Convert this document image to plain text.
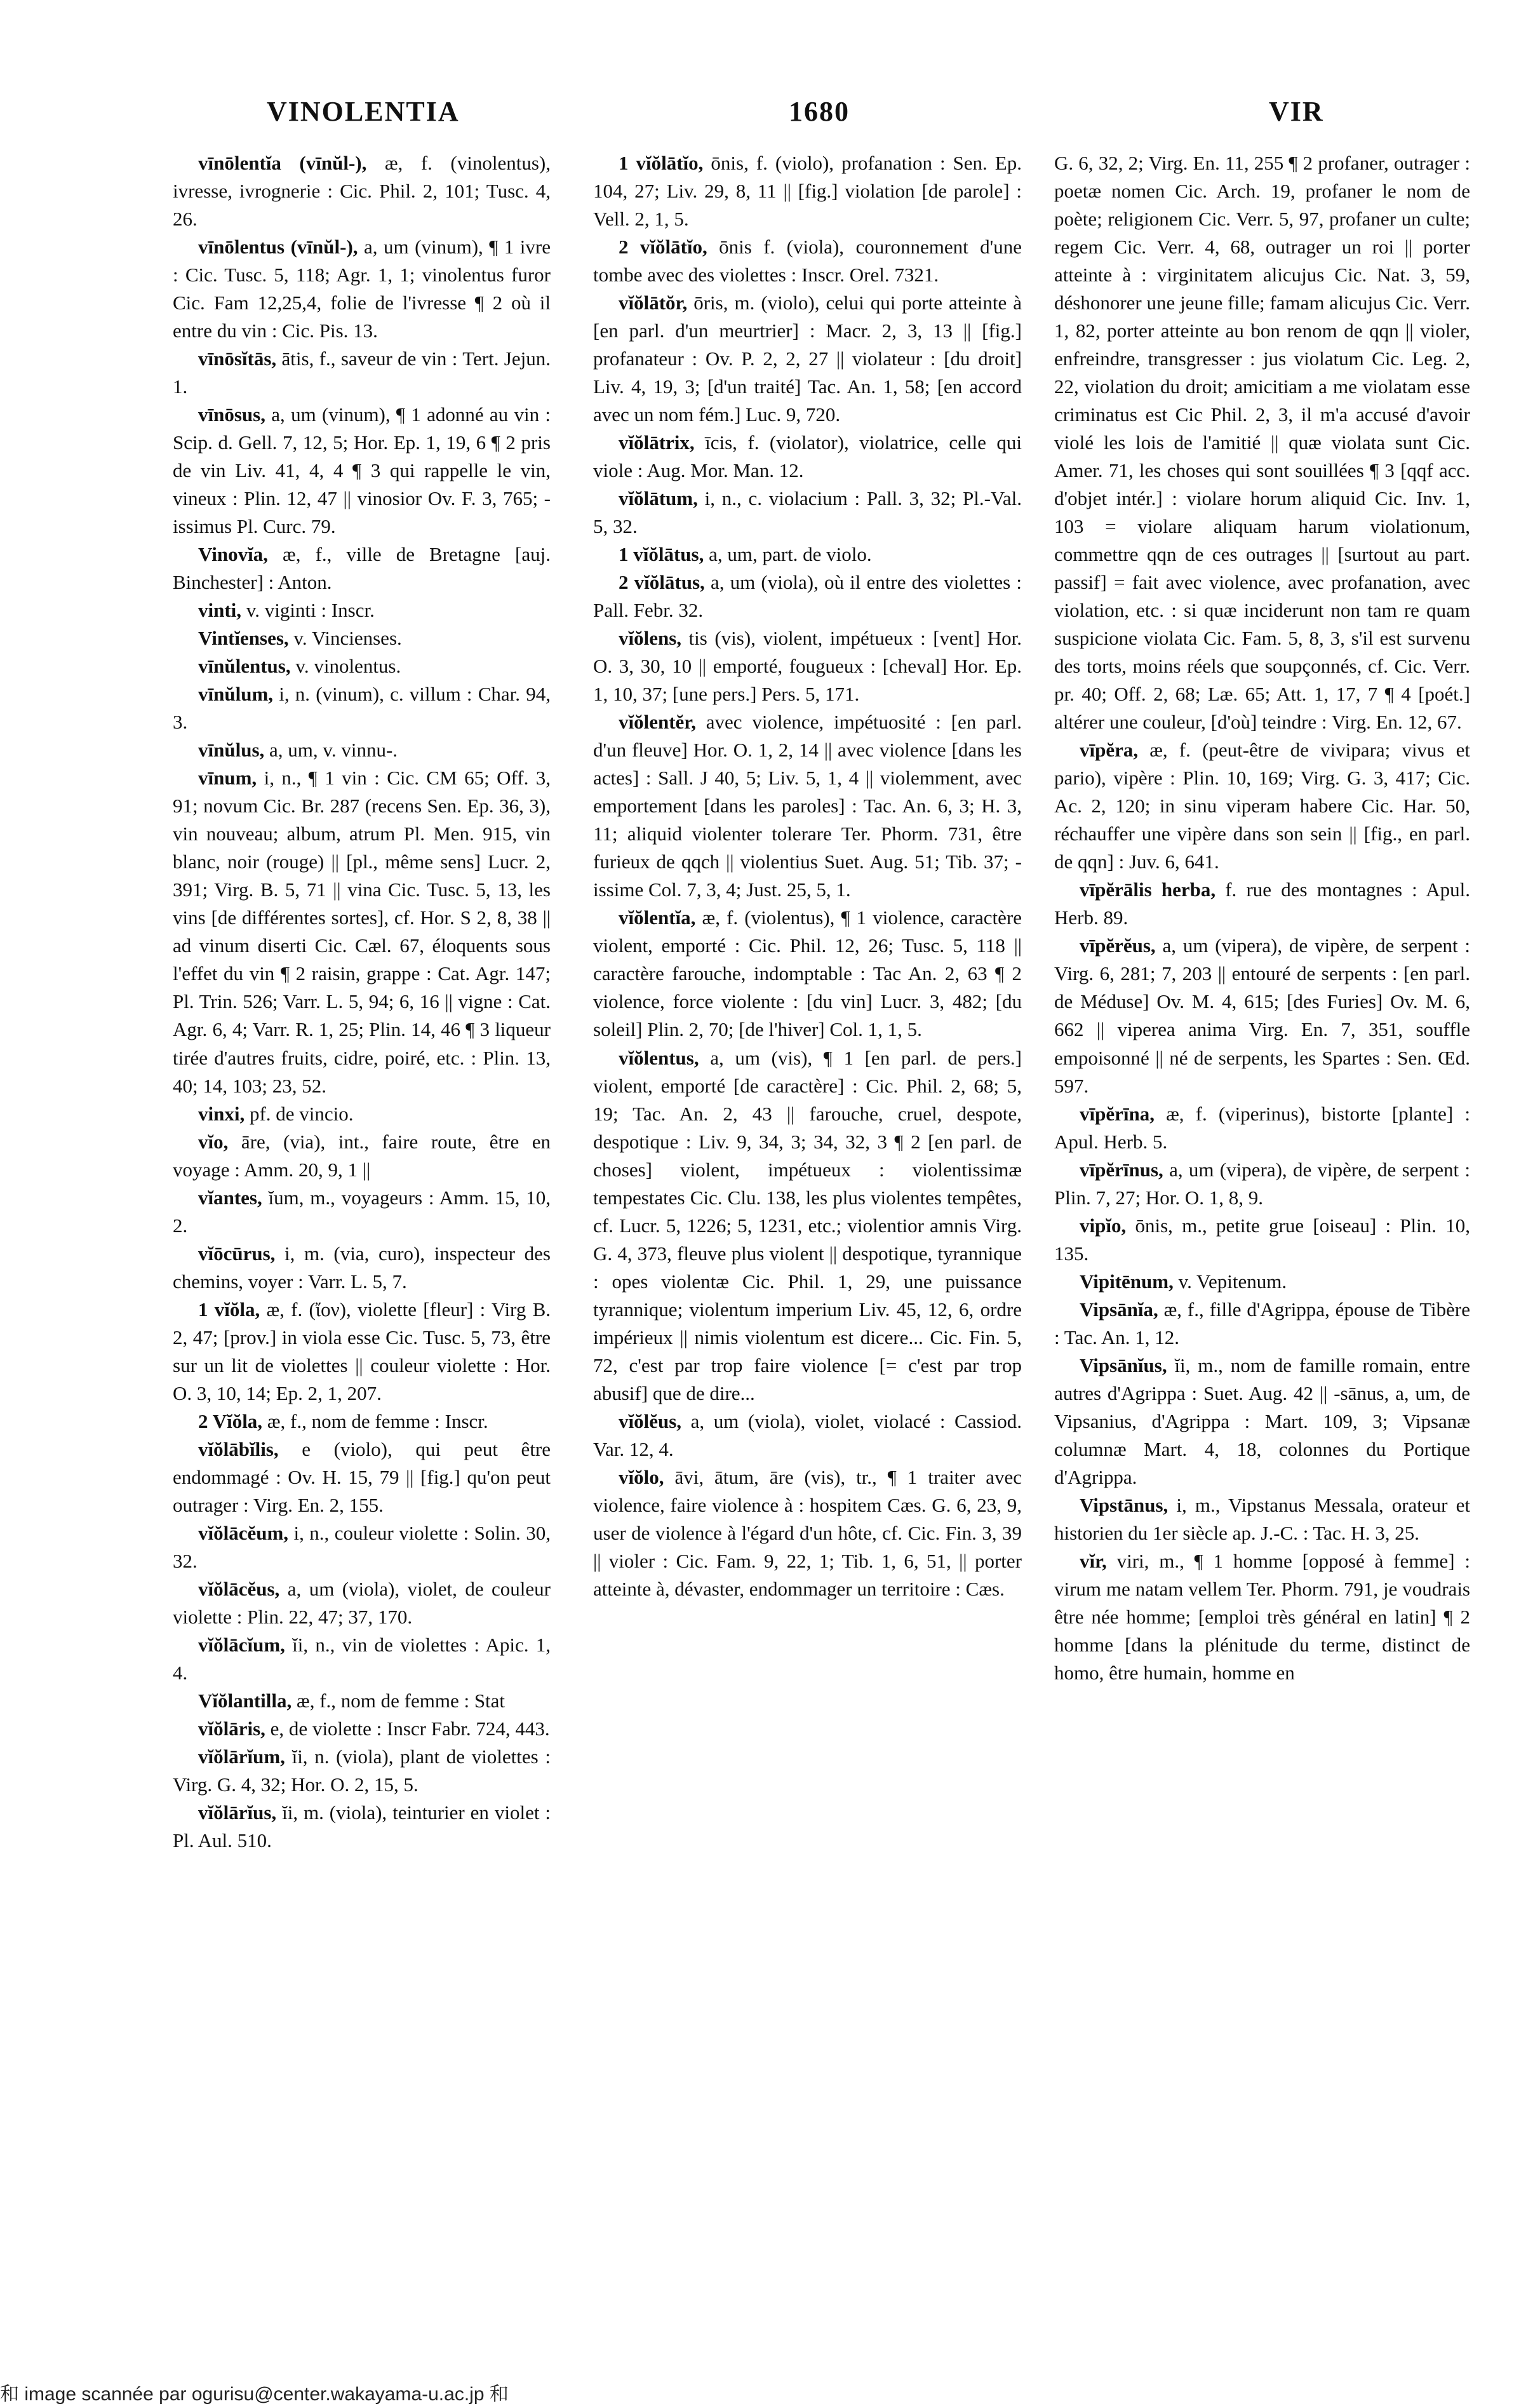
VINOLENTIA	1680	VIR

vīnōlentĭa (vīnŭl-), æ, f. (vinolentus), ivresse, ivrognerie : Cic. Phil. 2, 101; Tusc. 4, 26.

vīnōlentus (vīnŭl-), a, um (vinum), ¶ 1 ivre : Cic. Tusc. 5, 118; Agr. 1, 1; vinolentus furor Cic. Fam 12,25,4, folie de l'ivresse ¶ 2 où il entre du vin : Cic. Pis. 13.

vīnōsĭtās, ātis, f., saveur de vin : Tert. Jejun. 1.

vīnōsus, a, um (vinum), ¶ 1 adonné au vin : Scip. d. Gell. 7, 12, 5; Hor. Ep. 1, 19, 6 ¶ 2 pris de vin Liv. 41, 4, 4 ¶ 3 qui rappelle le vin, vineux : Plin. 12, 47 || vinosior Ov. F. 3, 765; -issimus Pl. Curc. 79.

Vinovĭa, æ, f., ville de Bretagne [auj. Binchester] : Anton.

vinti, v. viginti : Inscr.

Vintĭenses, v. Vincienses.

vīnŭlentus, v. vinolentus.

vīnŭlum, i, n. (vinum), c. villum : Char. 94, 3.

vīnŭlus, a, um, v. vinnu-.

vīnum, i, n., ¶ 1 vin : Cic. CM 65; Off. 3, 91; novum Cic. Br. 287 (recens Sen. Ep. 36, 3), vin nouveau; album, atrum Pl. Men. 915, vin blanc, noir (rouge) || [pl., même sens] Lucr. 2, 391; Virg. B. 5, 71 || vina Cic. Tusc. 5, 13, les vins [de différentes sortes], cf. Hor. S 2, 8, 38 || ad vinum diserti Cic. Cæl. 67, éloquents sous l'effet du vin ¶ 2 raisin, grappe : Cat. Agr. 147; Pl. Trin. 526; Varr. L. 5, 94; 6, 16 || vigne : Cat. Agr. 6, 4; Varr. R. 1, 25; Plin. 14, 46 ¶ 3 liqueur tirée d'autres fruits, cidre, poiré, etc. : Plin. 13, 40; 14, 103; 23, 52.

vinxi, pf. de vincio.

vĭo, āre, (via), int., faire route, être en voyage : Amm. 20, 9, 1 ||

vĭantes, ĭum, m., voyageurs : Amm. 15, 10, 2.

vĭōcūrus, i, m. (via, curo), inspecteur des chemins, voyer : Varr. L. 5, 7.

1 vĭŏla, æ, f. (ἴον), violette [fleur] : Virg B. 2, 47; [prov.] in viola esse Cic. Tusc. 5, 73, être sur un lit de violettes || couleur violette : Hor. O. 3, 10, 14; Ep. 2, 1, 207.

2 Vĭŏla, æ, f., nom de femme : Inscr.

vĭŏlābĭlis, e (violo), qui peut être endommagé : Ov. H. 15, 79 || [fig.] qu'on peut outrager : Virg. En. 2, 155.

vĭŏlācĕum, i, n., couleur violette : Solin. 30, 32.

vĭŏlācĕus, a, um (viola), violet, de couleur violette : Plin. 22, 47; 37, 170.

vĭŏlācĭum, ĭi, n., vin de violettes : Apic. 1, 4.

Vĭŏlantilla, æ, f., nom de femme : Stat

vĭŏlāris, e, de violette : Inscr Fabr. 724, 443.

vĭŏlārĭum, ĭi, n. (viola), plant de violettes : Virg. G. 4, 32; Hor. O. 2, 15, 5.

vĭŏlārĭus, ĭi, m. (viola), teinturier en violet : Pl. Aul. 510.

1 vĭŏlātĭo, ōnis, f. (violo), profanation : Sen. Ep. 104, 27; Liv. 29, 8, 11 || [fig.] violation [de parole] : Vell. 2, 1, 5.

2 vĭŏlātĭo, ōnis f. (viola), couronnement d'une tombe avec des violettes : Inscr. Orel. 7321.

vĭŏlātŏr, ōris, m. (violo), celui qui porte atteinte à [en parl. d'un meurtrier] : Macr. 2, 3, 13 || [fig.] profanateur : Ov. P. 2, 2, 27 || violateur : [du droit] Liv. 4, 19, 3; [d'un traité] Tac. An. 1, 58; [en accord avec un nom fém.] Luc. 9, 720.

vĭŏlātrix, īcis, f. (violator), violatrice, celle qui viole : Aug. Mor. Man. 12.

vĭŏlātum, i, n., c. violacium : Pall. 3, 32; Pl.-Val. 5, 32.

1 vĭŏlātus, a, um, part. de violo.

2 vĭŏlātus, a, um (viola), où il entre des violettes : Pall. Febr. 32.

vĭŏlens, tis (vis), violent, impétueux : [vent] Hor. O. 3, 30, 10 || emporté, fougueux : [cheval] Hor. Ep. 1, 10, 37; [une pers.] Pers. 5, 171.

vĭŏlentĕr, avec violence, impétuosité : [en parl. d'un fleuve] Hor. O. 1, 2, 14 || avec violence [dans les actes] : Sall. J 40, 5; Liv. 5, 1, 4 || violemment, avec emportement [dans les paroles] : Tac. An. 6, 3; H. 3, 11; aliquid violenter tolerare Ter. Phorm. 731, être furieux de qqch || violentius Suet. Aug. 51; Tib. 37; -issime Col. 7, 3, 4; Just. 25, 5, 1.

vĭŏlentĭa, æ, f. (violentus), ¶ 1 violence, caractère violent, emporté : Cic. Phil. 12, 26; Tusc. 5, 118 || caractère farouche, indomptable : Tac An. 2, 63 ¶ 2 violence, force violente : [du vin] Lucr. 3, 482; [du soleil] Plin. 2, 70; [de l'hiver] Col. 1, 1, 5.

vĭŏlentus, a, um (vis), ¶ 1 [en parl. de pers.] violent, emporté [de caractère] : Cic. Phil. 2, 68; 5, 19; Tac. An. 2, 43 || farouche, cruel, despote, despotique : Liv. 9, 34, 3; 34, 32, 3 ¶ 2 [en parl. de choses] violent, impétueux : violentissimæ tempestates Cic. Clu. 138, les plus violentes tempêtes, cf. Lucr. 5, 1226; 5, 1231, etc.; violentior amnis Virg. G. 4, 373, fleuve plus violent || despotique, tyrannique : opes violentæ Cic. Phil. 1, 29, une puissance tyrannique; violentum imperium Liv. 45, 12, 6, ordre impérieux || nimis violentum est dicere... Cic. Fin. 5, 72, c'est par trop faire violence [= c'est par trop abusif] que de dire...

vĭŏlĕus, a, um (viola), violet, violacé : Cassiod. Var. 12, 4.

vĭŏlo, āvi, ātum, āre (vis), tr., ¶ 1 traiter avec violence, faire violence à : hospitem Cæs. G. 6, 23, 9, user de violence à l'égard d'un hôte, cf. Cic. Fin. 3, 39 || violer : Cic. Fam. 9, 22, 1; Tib. 1, 6, 51, || porter atteinte à, dévaster, endommager un territoire : Cæs.

G. 6, 32, 2; Virg. En. 11, 255 ¶ 2 profaner, outrager : poetæ nomen Cic. Arch. 19, profaner le nom de poète; religionem Cic. Verr. 5, 97, profaner un culte; regem Cic. Verr. 4, 68, outrager un roi || porter atteinte à : virginitatem alicujus Cic. Nat. 3, 59, déshonorer une jeune fille; famam alicujus Cic. Verr. 1, 82, porter atteinte au bon renom de qqn || violer, enfreindre, transgresser : jus violatum Cic. Leg. 2, 22, violation du droit; amicitiam a me violatam esse criminatus est Cic Phil. 2, 3, il m'a accusé d'avoir violé les lois de l'amitié || quæ violata sunt Cic. Amer. 71, les choses qui sont souillées ¶ 3 [qqf acc. d'objet intér.] : violare horum aliquid Cic. Inv. 1, 103 = violare aliquam harum violationum, commettre qqn de ces outrages || [surtout au part. passif] = fait avec violence, avec profanation, avec violation, etc. : si quæ inciderunt non tam re quam suspicione violata Cic. Fam. 5, 8, 3, s'il est survenu des torts, moins réels que soupçonnés, cf. Cic. Verr. pr. 40; Off. 2, 68; Læ. 65; Att. 1, 17, 7 ¶ 4 [poét.] altérer une couleur, [d'où] teindre : Virg. En. 12, 67.

vīpĕra, æ, f. (peut-être de vivipara; vivus et pario), vipère : Plin. 10, 169; Virg. G. 3, 417; Cic. Ac. 2, 120; in sinu viperam habere Cic. Har. 50, réchauffer une vipère dans son sein || [fig., en parl. de qqn] : Juv. 6, 641.

vīpĕrālis herba, f. rue des montagnes : Apul. Herb. 89.

vīpĕrĕus, a, um (vipera), de vipère, de serpent : Virg. 6, 281; 7, 203 || entouré de serpents : [en parl. de Méduse] Ov. M. 4, 615; [des Furies] Ov. M. 6, 662 || viperea anima Virg. En. 7, 351, souffle empoisonné || né de serpents, les Spartes : Sen. Œd. 597.

vīpĕrīna, æ, f. (viperinus), bistorte [plante] : Apul. Herb. 5.

vīpĕrīnus, a, um (vipera), de vipère, de serpent : Plin. 7, 27; Hor. O. 1, 8, 9.

vipĭo, ōnis, m., petite grue [oiseau] : Plin. 10, 135.

Vipitēnum, v. Vepitenum.

Vipsānĭa, æ, f., fille d'Agrippa, épouse de Tibère : Tac. An. 1, 12.

Vipsānĭus, ĭi, m., nom de famille romain, entre autres d'Agrippa : Suet. Aug. 42 || -sānus, a, um, de Vipsanius, d'Agrippa : Mart. 109, 3; Vipsanæ columnæ Mart. 4, 18, colonnes du Portique d'Agrippa.

Vipstānus, i, m., Vipstanus Messala, orateur et historien du 1er siècle ap. J.-C. : Tac. H. 3, 25.

vĭr, viri, m., ¶ 1 homme [opposé à femme] : virum me natam vellem Ter. Phorm. 791, je voudrais être née homme; [emploi très général en latin] ¶ 2 homme [dans la plénitude du terme, distinct de homo, être humain, homme en

和 image scannée par ogurisu@center.wakayama-u.ac.jp 和
